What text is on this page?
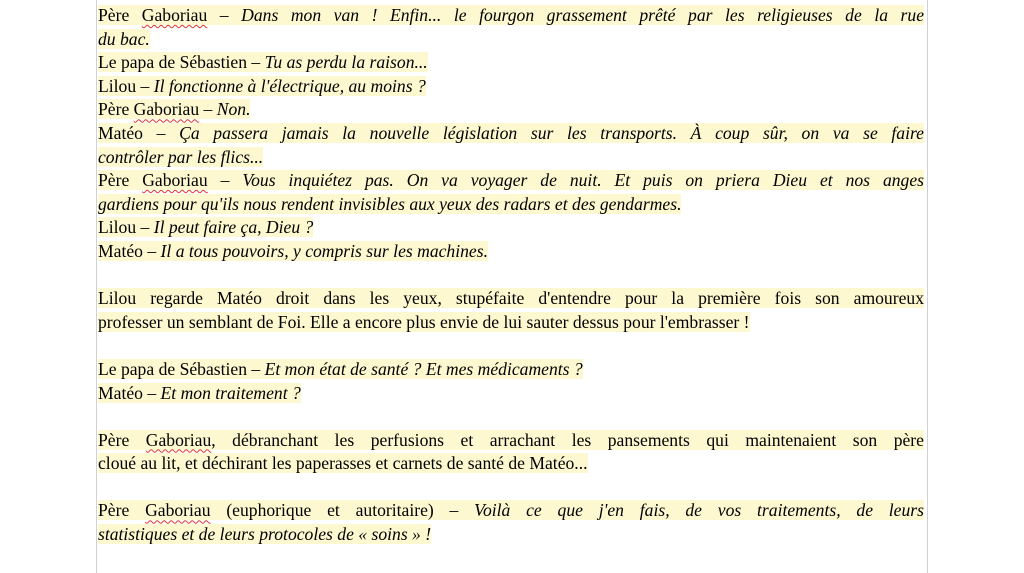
Père Gaboriau – Dans mon van ! Enfin... le fourgon grassement prêté par les religieuses de la rue
du bac.
Le papa de Sébastien – Tu as perdu la raison...
Lilou – Il fonctionne à l'électrique, au moins ?
Père Gaboriau – Non.
Matéo – Ça passera jamais la nouvelle législation sur les transports. À coup sûr, on va se faire
contrôler par les flics...
Père Gaboriau – Vous inquiétez pas. On va voyager de nuit. Et puis on priera Dieu et nos anges
gardiens pour qu'ils nous rendent invisibles aux yeux des radars et des gendarmes.
Lilou – Il peut faire ça, Dieu ?
Matéo – Il a tous pouvoirs, y compris sur les machines.
Lilou regarde Matéo droit dans les yeux, stupéfaite d'entendre pour la première fois son amoureux
professer un semblant de Foi. Elle a encore plus envie de lui sauter dessus pour l'embrasser !
Le papa de Sébastien – Et mon état de santé ? Et mes médicaments ?
Matéo – Et mon traitement ?
Père Gaboriau, débranchant les perfusions et arrachant les pansements qui maintenaient son père
cloué au lit, et déchirant les paperasses et carnets de santé de Matéo...
Père Gaboriau (euphorique et autoritaire) – Voilà ce que j'en fais, de vos traitements, de leurs
statistiques et de leurs protocoles de « soins » !
